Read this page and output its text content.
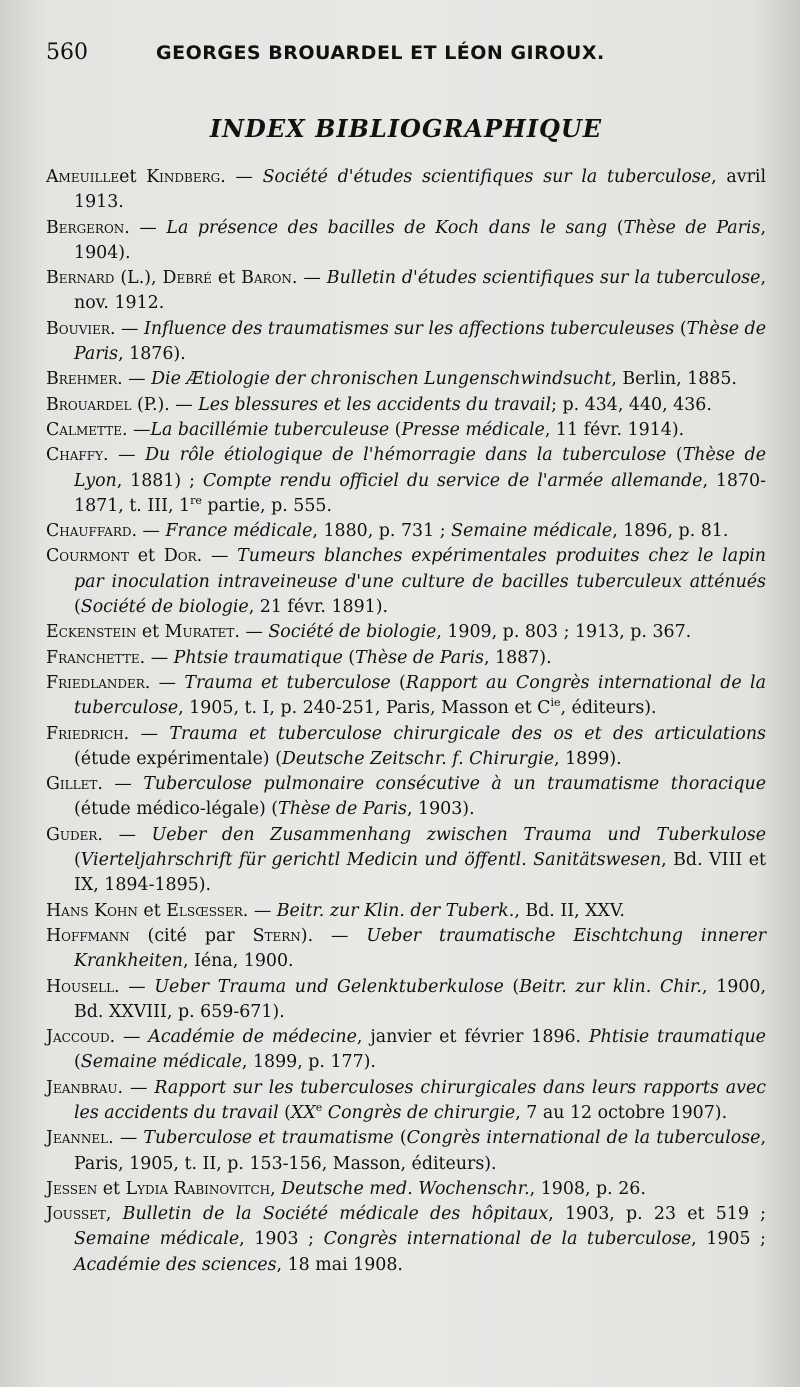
560	GEORGES BROUARDEL ET LÉON GIROUX.
INDEX BIBLIOGRAPHIQUE
Ameuilleet Kindberg. — Société d'études scientifiques sur la tuberculose, avril 1913.
Bergeron. — La présence des bacilles de Koch dans le sang (Thèse de Paris, 1904).
Bernard (L.), Debré et Baron. — Bulletin d'études scientifiques sur la tuberculose, nov. 1912.
Bouvier. — Influence des traumatismes sur les affections tuberculeuses (Thèse de Paris, 1876).
Brehmer. — Die Ætiologie der chronischen Lungenschwindsucht, Berlin, 1885.
Brouardel (P.). — Les blessures et les accidents du travail; p. 434, 440, 436.
Calmette. —La bacillémie tuberculeuse (Presse médicale, 11 févr. 1914).
Chaffy. — Du rôle étiologique de l'hémorragie dans la tuberculose (Thèse de Lyon, 1881) ; Compte rendu officiel du service de l'armée allemande, 1870-1871, t. III, 1re partie, p. 555.
Chauffard. — France médicale, 1880, p. 731 ; Semaine médicale, 1896, p. 81.
Courmont et Dor. — Tumeurs blanches expérimentales produites chez le lapin par inoculation intraveineuse d'une culture de bacilles tuberculeux atténués (Société de biologie, 21 févr. 1891).
Eckenstein et Muratet. — Société de biologie, 1909, p. 803 ; 1913, p. 367.
Franchette. — Phtsie traumatique (Thèse de Paris, 1887).
Friedlander. — Trauma et tuberculose (Rapport au Congrès international de la tuberculose, 1905, t. I, p. 240-251, Paris, Masson et $C^{ie}$, éditeurs).
Friedrich. — Trauma et tuberculose chirurgicale des os et des articulations (étude expérimentale) (Deutsche Zeitschr. f. Chirurgie, 1899).
Gillet. — Tuberculose pulmonaire consécutive à un traumatisme thoracique (étude médico-légale) (Thèse de Paris, 1903).
Guder. — Ueber den Zusammenhang zwischen Trauma und Tuberkulose (Vierteljahrschrift für gerichtl Medicin und öffentl. Sanitätswesen, Bd. VIII et IX, 1894-1895).
Hans Kohn et Elsœsser. — Beitr. zur Klin. der Tuberk., Bd. II, XXV.
Hoffmann (cité par Stern). — Ueber traumatische Eischtchung innerer Krankheiten, Iéna, 1900.
Housell. — Ueber Trauma und Gelenktuberkulose (Beitr. zur klin. Chir., 1900, Bd. XXVIII, p. 659-671).
Jaccoud. — Académie de médecine, janvier et février 1896. Phtisie traumatique (Semaine médicale, 1899, p. 177).
Jeanbrau. — Rapport sur les tuberculoses chirurgicales dans leurs rapports avec les accidents du travail (XXe Congrès de chirurgie, 7 au 12 octobre 1907).
Jeannel. — Tuberculose et traumatisme (Congrès international de la tuberculose, Paris, 1905, t. II, p. 153-156, Masson, éditeurs).
Jessen et Lydia Rabinovitch, Deutsche med. Wochenschr., 1908, p. 26.
Jousset, Bulletin de la Société médicale des hôpitaux, 1903, p. 23 et 519 ; Semaine médicale, 1903 ; Congrès international de la tuberculose, 1905 ; Académie des sciences, 18 mai 1908.
